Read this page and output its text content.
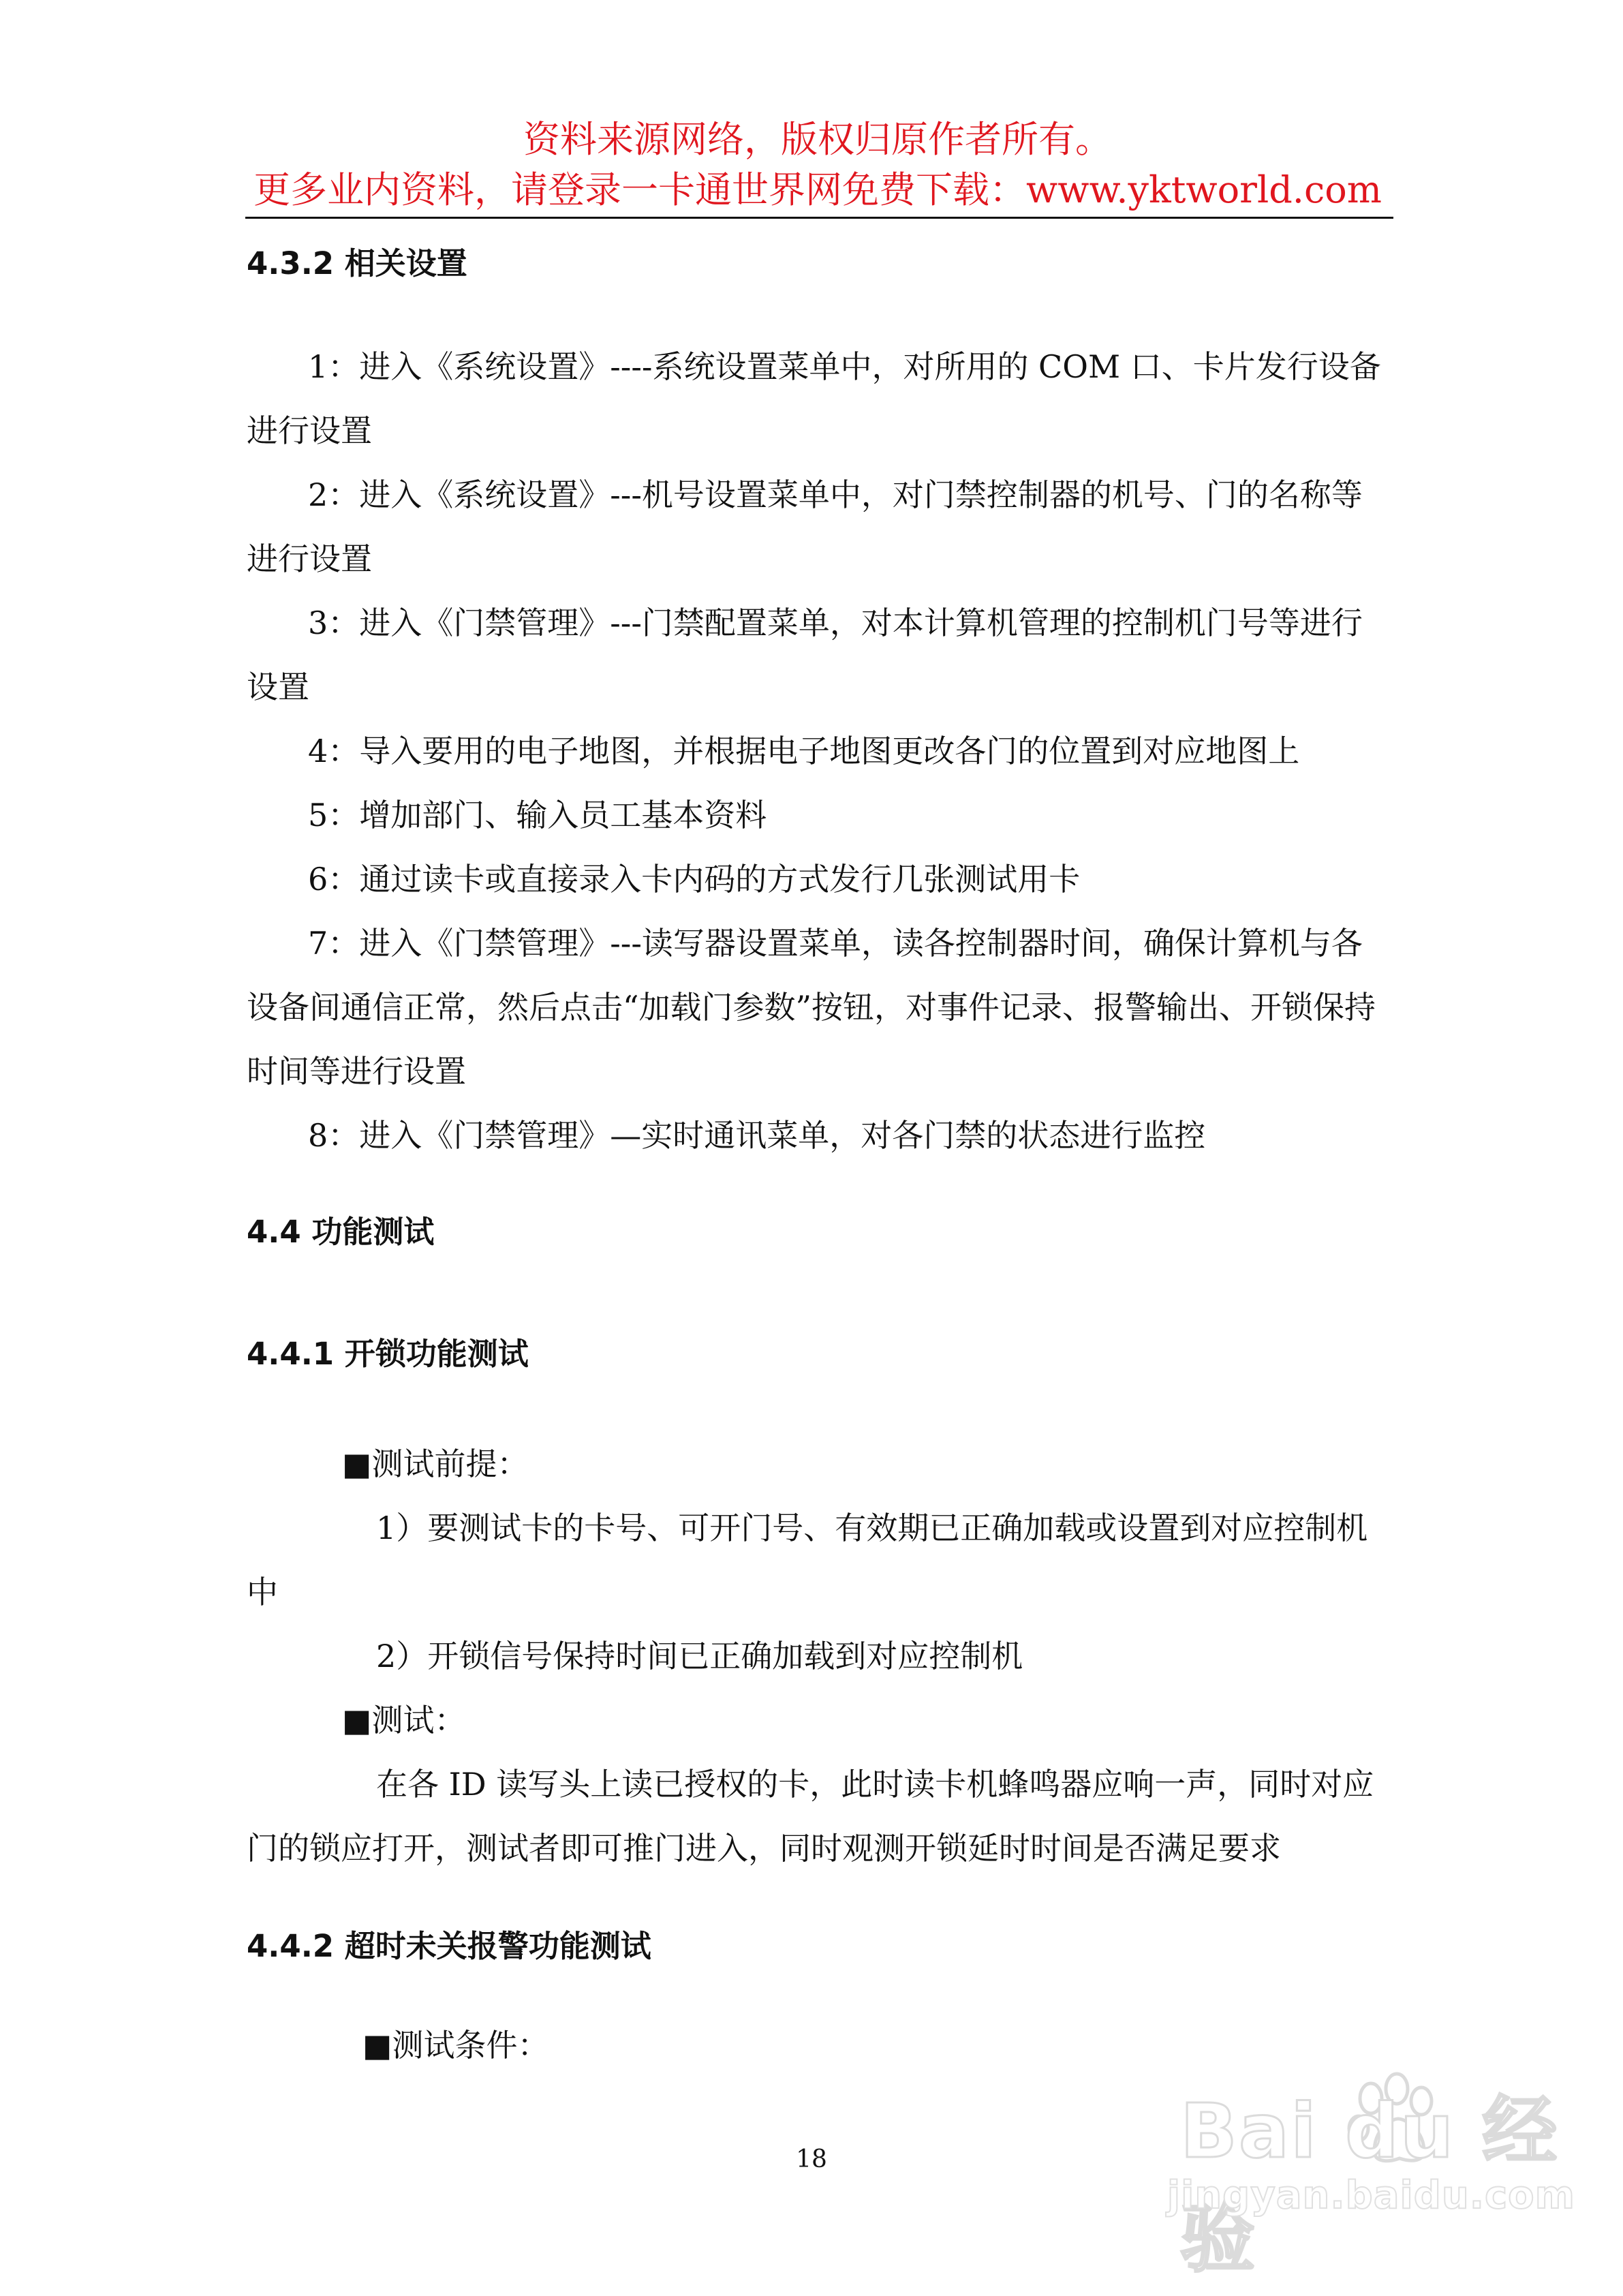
资料来源网络，版权归原作者所有。
更多业内资料，请登录一卡通世界网免费下载：www.yktworld.com
4.3.2 相关设置

1：进入《系统设置》----系统设置菜单中，对所用的 COM 口、卡片发行设备进行设置

2：进入《系统设置》---机号设置菜单中，对门禁控制器的机号、门的名称等进行设置

3：进入《门禁管理》---门禁配置菜单，对本计算机管理的控制机门号等进行设置

4：导入要用的电子地图，并根据电子地图更改各门的位置到对应地图上

5：增加部门、输入员工基本资料

6：通过读卡或直接录入卡内码的方式发行几张测试用卡

7：进入《门禁管理》---读写器设置菜单，读各控制器时间，确保计算机与各设备间通信正常，然后点击“加载门参数”按钮，对事件记录、报警输出、开锁保持时间等进行设置

8：进入《门禁管理》—实时通讯菜单，对各门禁的状态进行监控

4.4 功能测试
4.4.1 开锁功能测试

■测试前提：

1）要测试卡的卡号、可开门号、有效期已正确加载或设置到对应控制机中

2）开锁信号保持时间已正确加载到对应控制机

■测试：

在各 ID 读写头上读已授权的卡，此时读卡机蜂鸣器应响一声，同时对应门的锁应打开，测试者即可推门进入，同时观测开锁延时时间是否满足要求

4.4.2 超时未关报警功能测试

■测试条件：

18	Bai du 经验
jingyan.baidu.com
